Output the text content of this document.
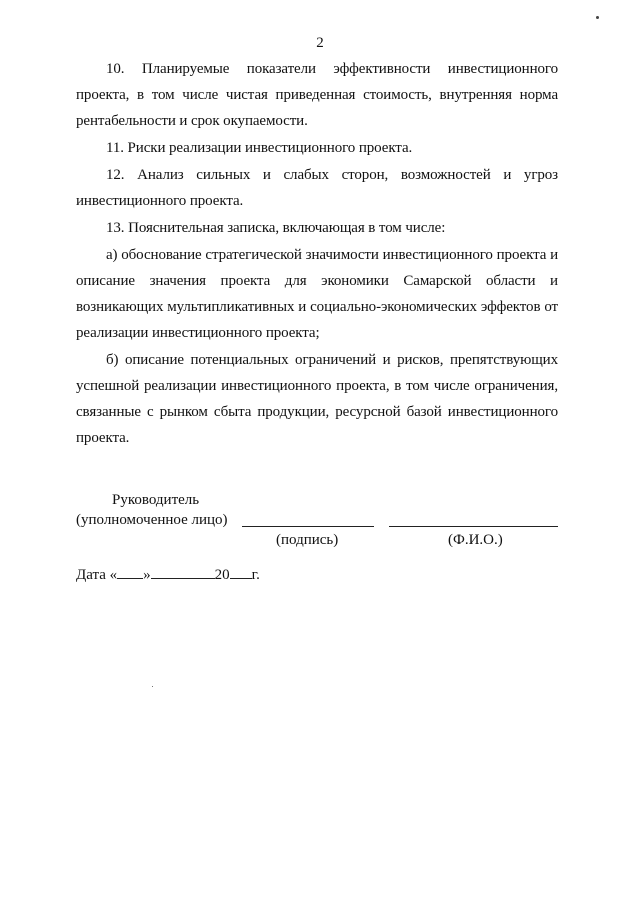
2

10. Планируемые показатели эффективности инвестиционного проекта, в том числе чистая приведенная стоимость, внутренняя норма рентабельности и срок окупаемости.

11. Риски реализации инвестиционного проекта.

12. Анализ сильных и слабых сторон, возможностей и угроз инвестиционного проекта.

13. Пояснительная записка, включающая в том числе:

а) обоснование стратегической значимости инвестиционного проекта и описание значения проекта для экономики Самарской области и возникающих мультипликативных и социально-экономических эффектов от реализации инвестиционного проекта;

б) описание потенциальных ограничений и рисков, препятствующих успешной реализации инвестиционного проекта, в том числе ограничения, связанные с рынком сбыта продукции, ресурсной базой инвестиционного проекта.

Руководитель
(уполномоченное лицо)
(подпись)	(Ф.И.О.)
Дата « »	20 г.
